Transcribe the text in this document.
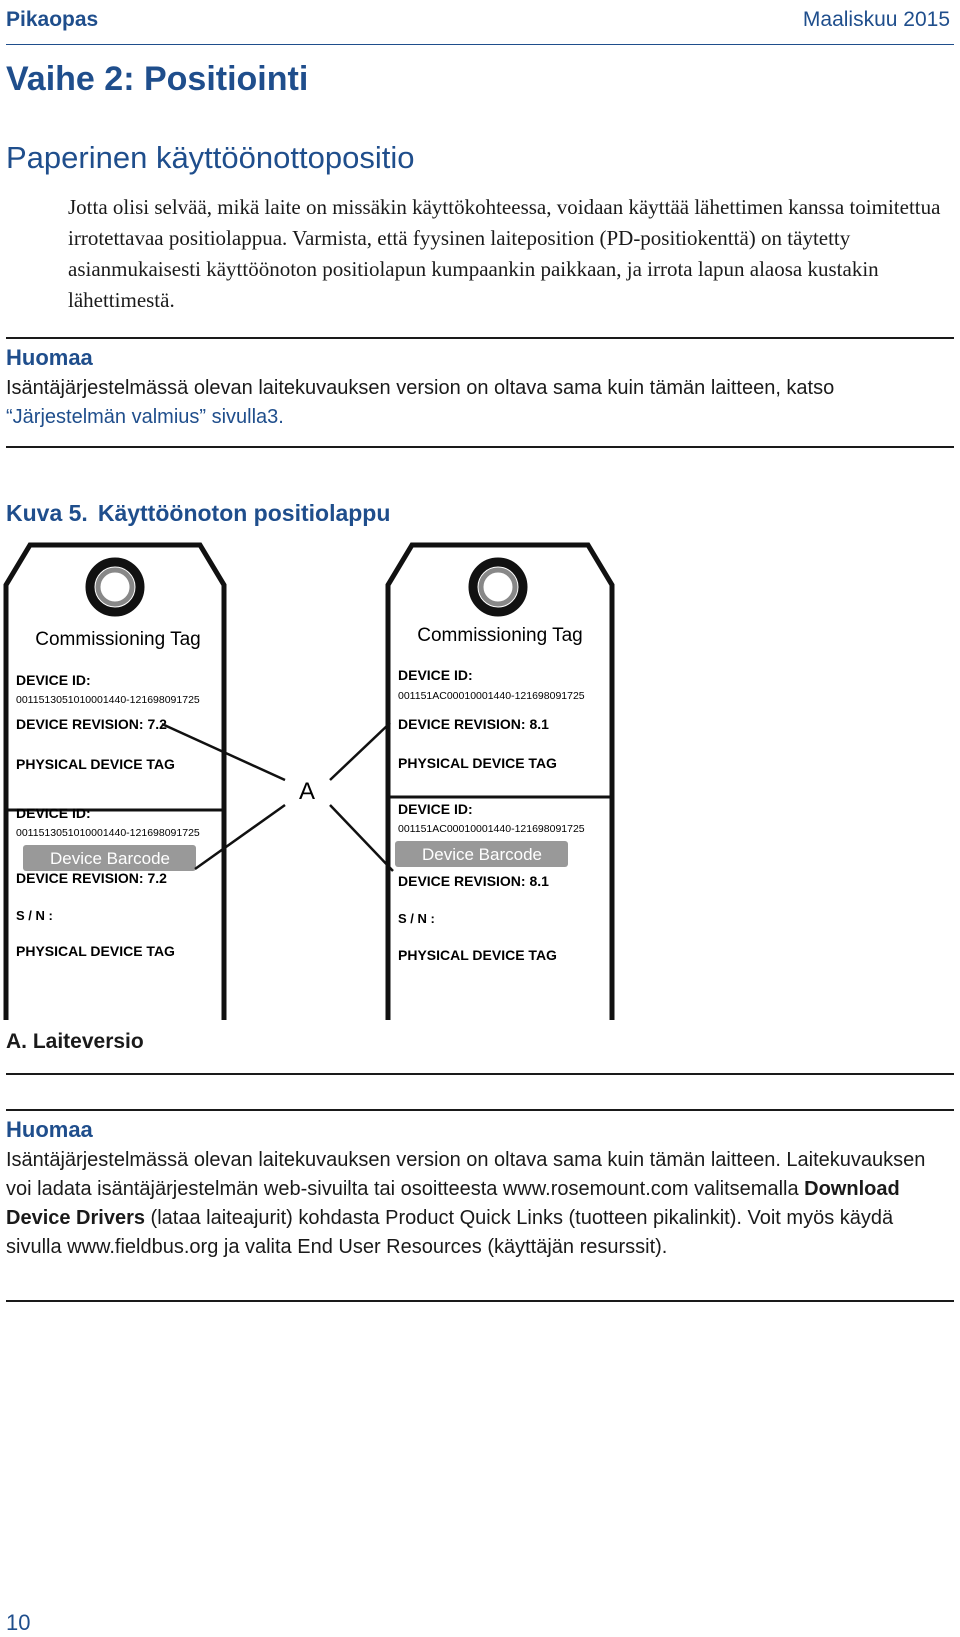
Pikaopas	Maaliskuu 2015
Vaihe 2: Positiointi
Paperinen käyttöönottopositio
Jotta olisi selvää, mikä laite on missäkin käyttökohteessa, voidaan käyttää lähettimen kanssa toimitettua irrotettavaa positiolappua. Varmista, että fyysinen laiteposition (PD-positiokenttä) on täytetty asianmukaisesti käyttöönoton positiolapun kumpaankin paikkaan, ja irrota lapun alaosa kustakin lähettimestä.
Huomaa
Isäntäjärjestelmässä olevan laitekuvauksen version on oltava sama kuin tämän laitteen, katso “Järjestelmän valmius” sivulla3.
Kuva 5. Käyttöönoton positiolappu
Commissioning Tag
DEVICE ID:
0011513051010001440-121698091725
DEVICE REVISION: 7.2
PHYSICAL DEVICE TAG
DEVICE ID:
0011513051010001440-121698091725
Device Barcode
DEVICE REVISION: 7.2
S / N :
PHYSICAL DEVICE TAG
Commissioning Tag
DEVICE ID:
001151AC00010001440-121698091725
DEVICE REVISION: 8.1
PHYSICAL DEVICE TAG
DEVICE ID:
001151AC00010001440-121698091725
Device Barcode
DEVICE REVISION: 8.1
S / N :
PHYSICAL DEVICE TAG
A
A. Laiteversio
Huomaa
Isäntäjärjestelmässä olevan laitekuvauksen version on oltava sama kuin tämän laitteen. Laitekuvauksen voi ladata isäntäjärjestelmän web-sivuilta tai osoitteesta www.rosemount.com valitsemalla Download Device Drivers (lataa laiteajurit) kohdasta Product Quick Links (tuotteen pikalinkit). Voit myös käydä sivulla www.fieldbus.org ja valita End User Resources (käyttäjän resurssit).
10
